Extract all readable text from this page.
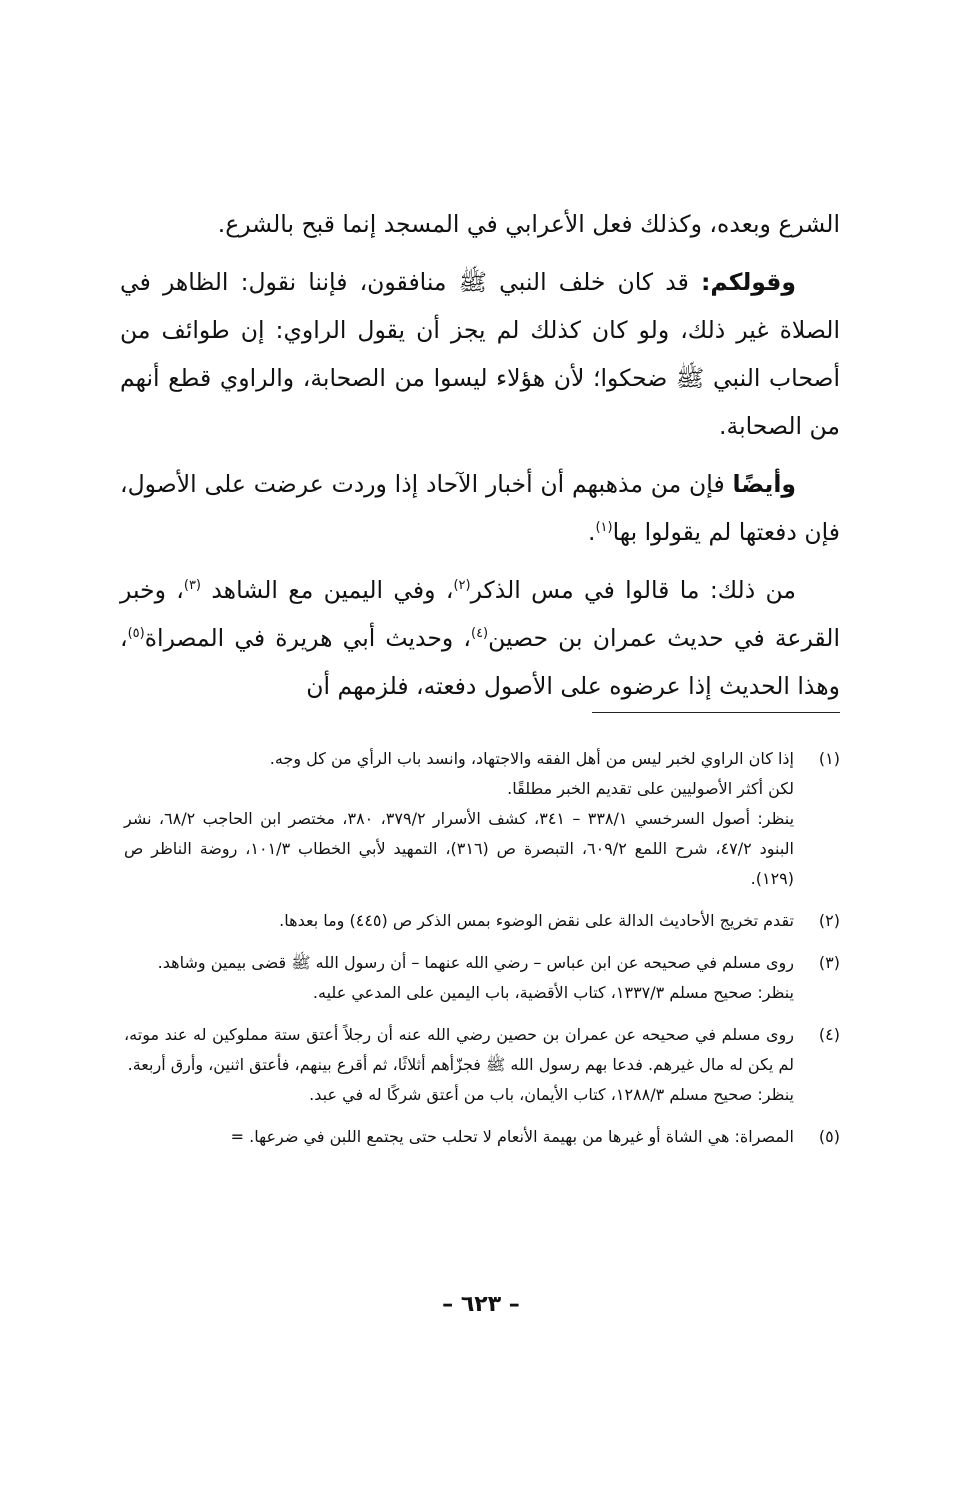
الشرع وبعده، وكذلك فعل الأعرابي في المسجد إنما قبح بالشرع.

وقولكم: قد كان خلف النبي ﷺ منافقون، فإننا نقول: الظاهر في الصلاة غير ذلك، ولو كان كذلك لم يجز أن يقول الراوي: إن طوائف من أصحاب النبي ﷺ ضحكوا؛ لأن هؤلاء ليسوا من الصحابة، والراوي قطع أنهم من الصحابة.

وأيضًا فإن من مذهبهم أن أخبار الآحاد إذا وردت عرضت على الأصول، فإن دفعتها لم يقولوا بها$^{(١)}$.

من ذلك: ما قالوا في مس الذكر$^{(٢)}$، وفي اليمين مع الشاهد $^{(٣)}$، وخبر القرعة في حديث عمران بن حصين$^{(٤)}$، وحديث أبي هريرة في المصراة$^{(٥)}$، وهذا الحديث إذا عرضوه على الأصول دفعته، فلزمهم أن

(١)
إذا كان الراوي لخبر ليس من أهل الفقه والاجتهاد، وانسد باب الرأي من كل وجه.
لكن أكثر الأصوليين على تقديم الخبر مطلقًا.
ينظر: أصول السرخسي ٣٣٨/١ – ٣٤١، كشف الأسرار ٣٧٩/٢، ٣٨٠، مختصر ابن الحاجب ٦٨/٢، نشر البنود ٤٧/٢، شرح اللمع ٦٠٩/٢، التبصرة ص (٣١٦)، التمهيد لأبي الخطاب ١٠١/٣، روضة الناظر ص (١٢٩).
(٢)
تقدم تخريج الأحاديث الدالة على نقض الوضوء بمس الذكر ص (٤٤٥) وما بعدها.
(٣)
روى مسلم في صحيحه عن ابن عباس – رضي الله عنهما – أن رسول الله ﷺ قضى بيمين وشاهد.
ينظر: صحيح مسلم ١٣٣٧/٣، كتاب الأقضية، باب اليمين على المدعي عليه.
(٤)
روى مسلم في صحيحه عن عمران بن حصين رضي الله عنه أن رجلاً أعتق ستة مملوكين له عند موته، لم يكن له مال غيرهم. فدعا بهم رسول الله ﷺ فجزّأهم أثلاثًا، ثم أقرع بينهم، فأعتق اثنين، وأرق أربعة.
ينظر: صحيح مسلم ١٢٨٨/٣، كتاب الأيمان، باب من أعتق شركًا له في عبد.
(٥)
المصراة: هي الشاة أو غيرها من بهيمة الأنعام لا تحلب حتى يجتمع اللبن في ضرعها. =
– ٦٢٣ –
